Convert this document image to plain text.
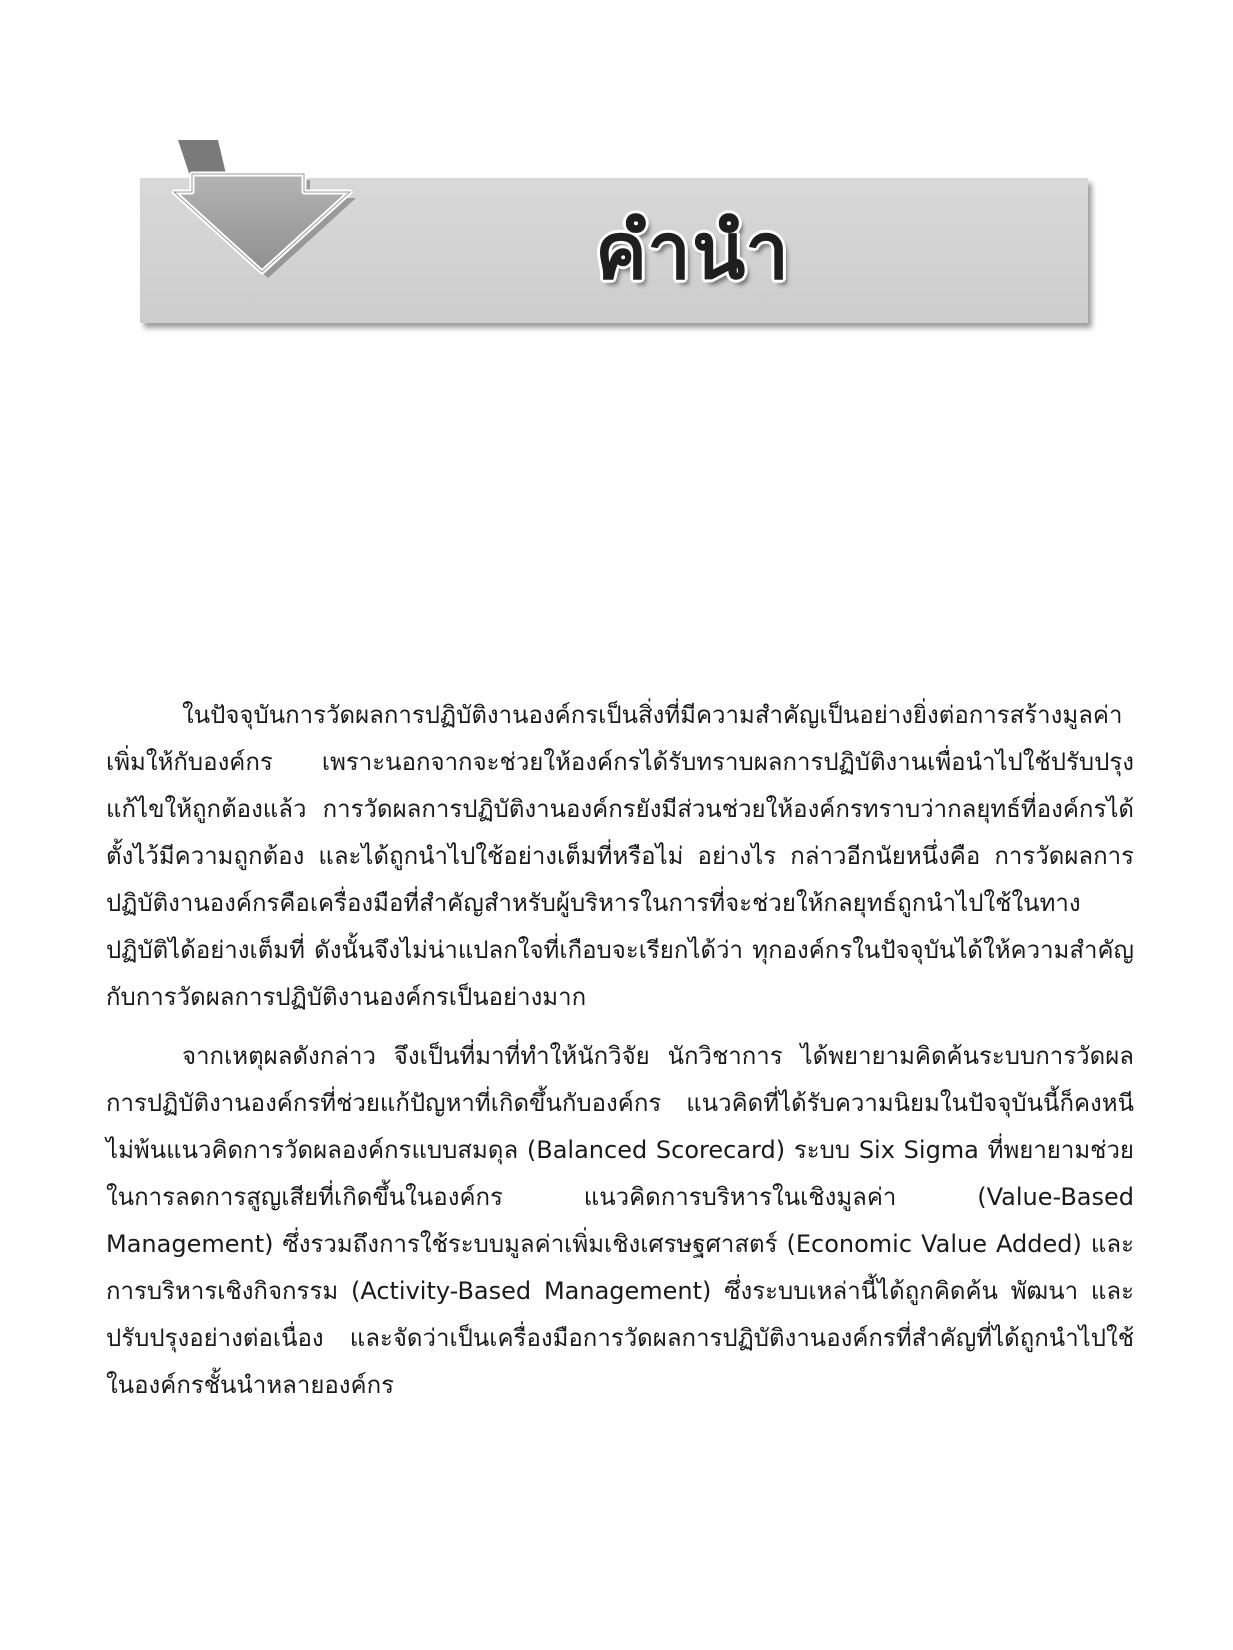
คำนำ

ในปัจจุบันการวัดผลการปฏิบัติงานองค์กรเป็นสิ่งที่มีความสำคัญเป็นอย่างยิ่งต่อการสร้างมูลค่าเพิ่มให้กับองค์กร เพราะนอกจากจะช่วยให้องค์กรได้รับทราบผลการปฏิบัติงานเพื่อนำไปใช้ปรับปรุงแก้ไขให้ถูกต้องแล้ว การวัดผลการปฏิบัติงานองค์กรยังมีส่วนช่วยให้องค์กรทราบว่ากลยุทธ์ที่องค์กรได้ตั้งไว้มีความถูกต้อง และได้ถูกนำไปใช้อย่างเต็มที่หรือไม่ อย่างไร กล่าวอีกนัยหนึ่งคือ การวัดผลการปฏิบัติงานองค์กรคือเครื่องมือที่สำคัญสำหรับผู้บริหารในการที่จะช่วยให้กลยุทธ์ถูกนำไปใช้ในทางปฏิบัติได้อย่างเต็มที่ ดังนั้นจึงไม่น่าแปลกใจที่เกือบจะเรียกได้ว่า ทุกองค์กรในปัจจุบันได้ให้ความสำคัญกับการวัดผลการปฏิบัติงานองค์กรเป็นอย่างมาก

จากเหตุผลดังกล่าว จึงเป็นที่มาที่ทำให้นักวิจัย นักวิชาการ ได้พยายามคิดค้นระบบการวัดผลการปฏิบัติงานองค์กรที่ช่วยแก้ปัญหาที่เกิดขึ้นกับองค์กร แนวคิดที่ได้รับความนิยมในปัจจุบันนี้ก็คงหนีไม่พ้นแนวคิดการวัดผลองค์กรแบบสมดุล (Balanced Scorecard) ระบบ Six Sigma ที่พยายามช่วยในการลดการสูญเสียที่เกิดขึ้นในองค์กร แนวคิดการบริหารในเชิงมูลค่า (Value-Based Management) ซึ่งรวมถึงการใช้ระบบมูลค่าเพิ่มเชิงเศรษฐศาสตร์ (Economic Value Added) และการบริหารเชิงกิจกรรม (Activity-Based Management) ซึ่งระบบเหล่านี้ได้ถูกคิดค้น พัฒนา และปรับปรุงอย่างต่อเนื่อง และจัดว่าเป็นเครื่องมือการวัดผลการปฏิบัติงานองค์กรที่สำคัญที่ได้ถูกนำไปใช้ในองค์กรชั้นนำหลายองค์กร
